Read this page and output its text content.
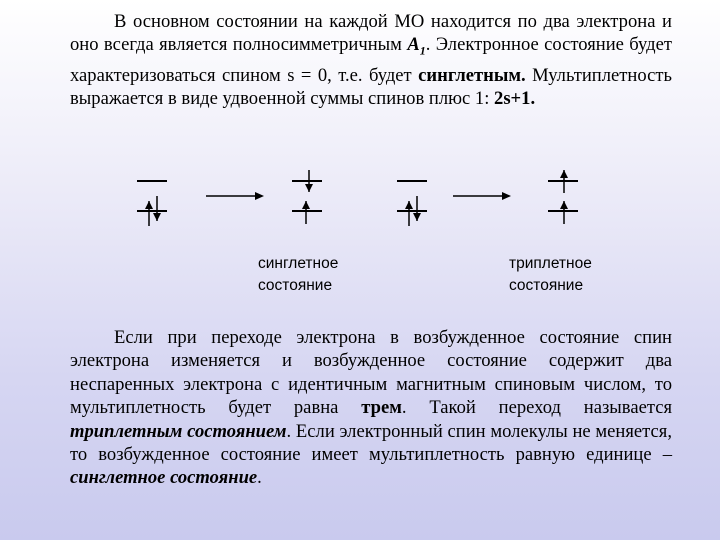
В основном состоянии на каждой МО находится по два электрона и оно всегда является полносимметричным $A_1$. Электронное состояние будет характеризоваться спином s = 0, т.е. будет синглетным. Мультиплетность выражается в виде удвоенной суммы спинов плюс 1: 2s+1.
синглетное
состояние
триплетное
состояние
Если при переходе электрона в возбужденное состояние спин электрона изменяется и возбужденное состояние содержит два неспаренных электрона с идентичным магнитным спиновым числом, то мультиплетность будет равна трем. Такой переход называется триплетным состоянием. Если электронный спин молекулы не меняется, то возбужденное состояние имеет мультиплетность равную единице – синглетное состояние.
